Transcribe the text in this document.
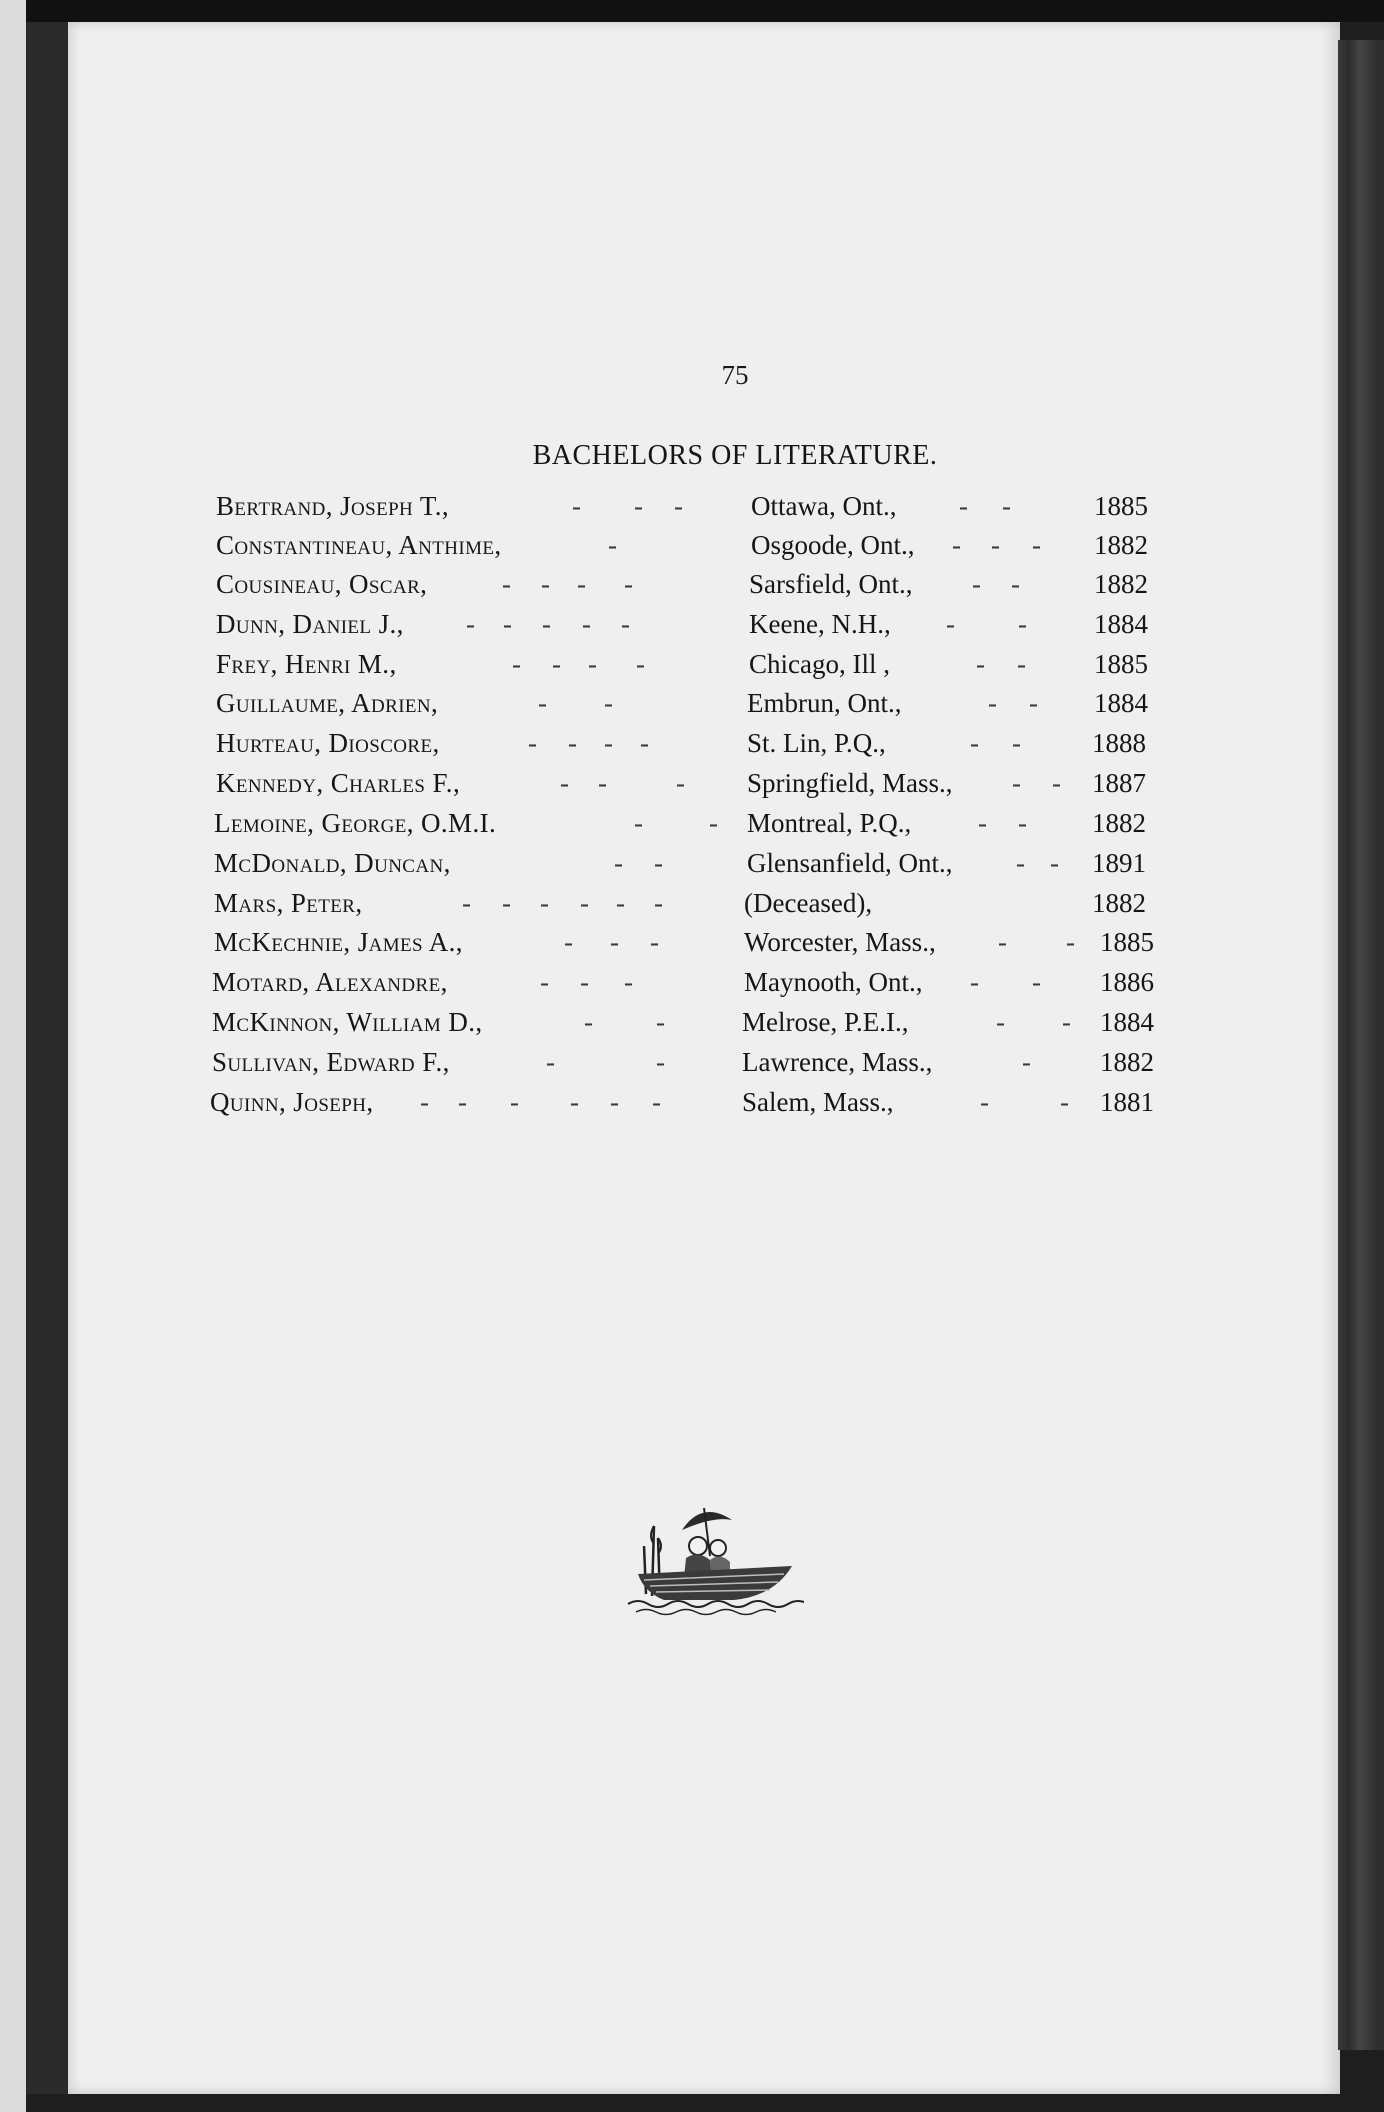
75
BACHELORS OF LITERATURE.
Bertrand, Joseph T.,	- - -	Ottawa, Ont., - -	1885
Constantineau, Anthime,	-	Osgoode, Ont., - - - 1882
Cousineau, Oscar,	- - - -	Sarsfield, Ont., - -	1882
Dunn, Daniel J., - - - - -	Keene, N.H., - - 1884
Frey, Henri M.,	- - - -	Chicago, Ill ,	- -	1885
Guillaume, Adrien,	- -	Embrun, Ont.,	- - 1884
Hurteau, Dioscore,	- - - -	St. Lin, P.Q.,	- -	1888
Kennedy, Charles F.,	- -	- Springfield, Mass., - - 1887
Lemoine, George, O.M.I.	- - Montreal, P.Q., - - 1882
McDonald, Duncan,	- -	Glensanfield, Ont., - - 1891
Mars, Peter,	- - - - - -	(Deceased),	1882
McKechnie, James A.,	- - -	Worcester, Mass., - - 1885
Motard, Alexandre,	- - -	Maynooth, Ont., - - 1886
McKinnon, William D.,	- -	Melrose, P.E.I.,	- - 1884
Sullivan, Edward F.,	-	-	Lawrence, Mass.,	-	1882
Quinn, Joseph, - - - - - -	Salem, Mass.,	-	- 1881
